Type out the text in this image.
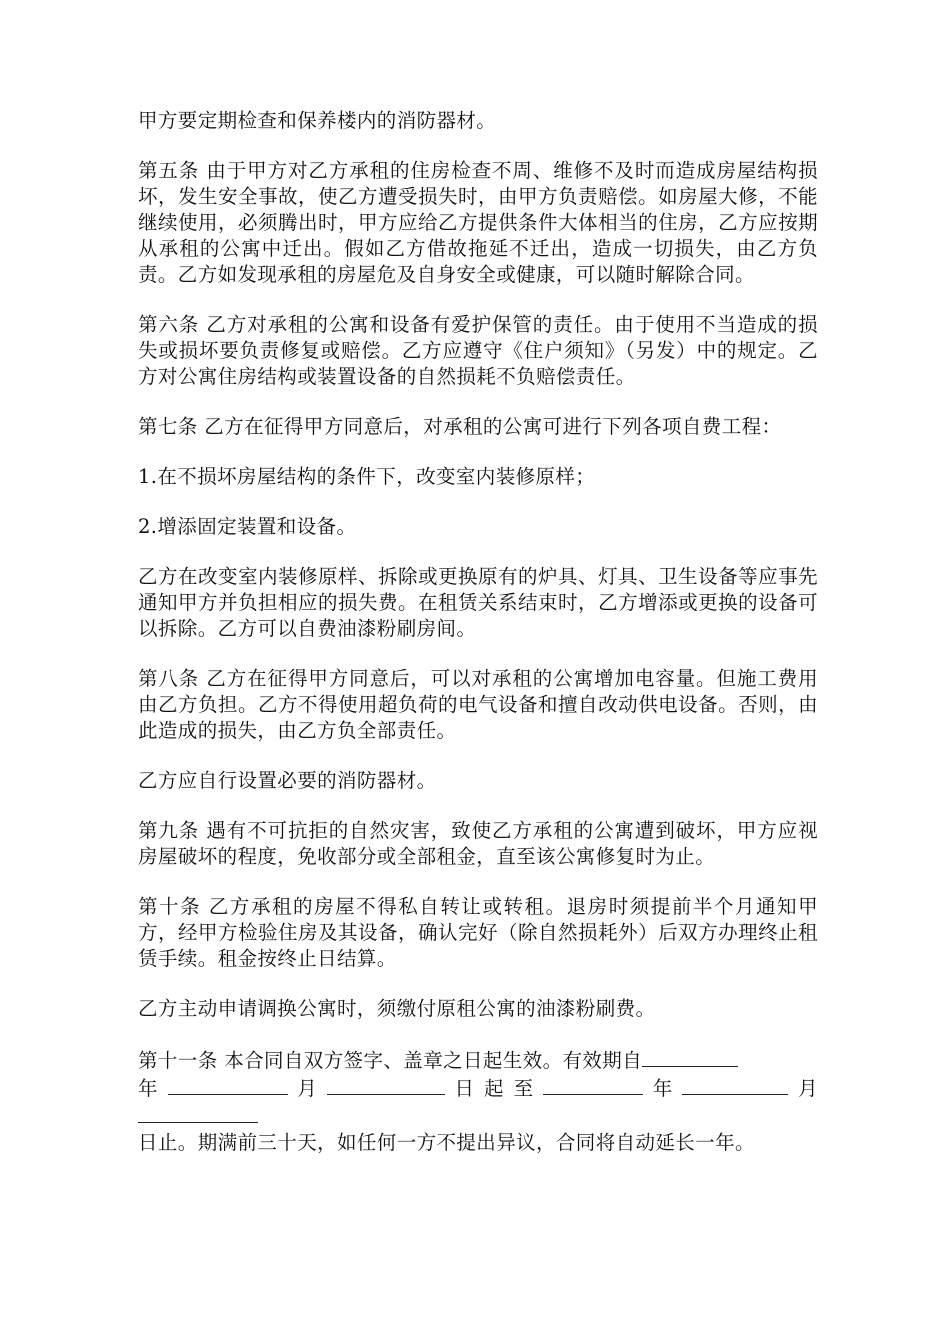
甲方要定期检查和保养楼内的消防器材。

第五条 由于甲方对乙方承租的住房检查不周、维修不及时而造成房屋结构损坏，发生安全事故，使乙方遭受损失时，由甲方负责赔偿。如房屋大修，不能继续使用，必须腾出时，甲方应给乙方提供条件大体相当的住房，乙方应按期从承租的公寓中迁出。假如乙方借故拖延不迁出，造成一切损失，由乙方负责。乙方如发现承租的房屋危及自身安全或健康，可以随时解除合同。

第六条 乙方对承租的公寓和设备有爱护保管的责任。由于使用不当造成的损失或损坏要负责修复或赔偿。乙方应遵守《住户须知》（另发）中的规定。乙方对公寓住房结构或装置设备的自然损耗不负赔偿责任。

第七条 乙方在征得甲方同意后，对承租的公寓可进行下列各项自费工程：

1.在不损坏房屋结构的条件下，改变室内装修原样；

2.增添固定装置和设备。

乙方在改变室内装修原样、拆除或更换原有的炉具、灯具、卫生设备等应事先通知甲方并负担相应的损失费。在租赁关系结束时，乙方增添或更换的设备可以拆除。乙方可以自费油漆粉刷房间。

第八条 乙方在征得甲方同意后，可以对承租的公寓增加电容量。但施工费用由乙方负担。乙方不得使用超负荷的电气设备和擅自改动供电设备。否则，由此造成的损失，由乙方负全部责任。

乙方应自行设置必要的消防器材。

第九条 遇有不可抗拒的自然灾害，致使乙方承租的公寓遭到破坏，甲方应视房屋破坏的程度，免收部分或全部租金，直至该公寓修复时为止。

第十条 乙方承租的房屋不得私自转让或转租。退房时须提前半个月通知甲方，经甲方检验住房及其设备，确认完好（除自然损耗外）后双方办理终止租赁手续。租金按终止日结算。

乙方主动申请调换公寓时，须缴付原租公寓的油漆粉刷费。

第十一条 本合同自双方签字、盖章之日起生效。有效期自
年	月	日起至	年	月
日止。期满前三十天，如任何一方不提出异议，合同将自动延长一年。
